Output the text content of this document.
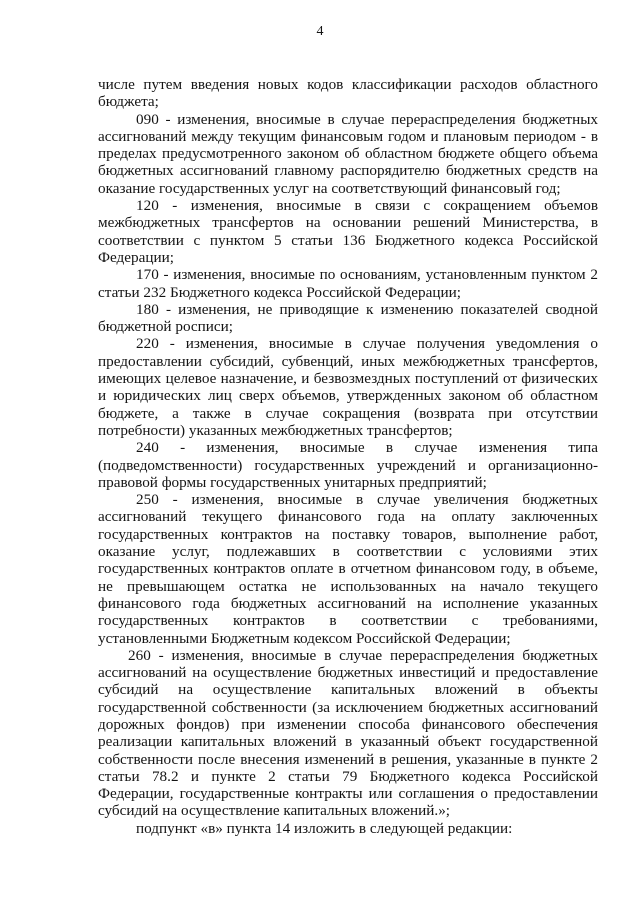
4

числе путем введения новых кодов классификации расходов областного бюджета;

090 - изменения, вносимые в случае перераспределения бюджетных ассигнований между текущим финансовым годом и плановым периодом - в пределах предусмотренного законом об областном бюджете общего объема бюджетных ассигнований главному распорядителю бюджетных средств на оказание государственных услуг на соответствующий финансовый год;

120 - изменения, вносимые в связи с сокращением объемов межбюджетных трансфертов на основании решений Министерства, в соответствии с пунктом 5 статьи 136 Бюджетного кодекса Российской Федерации;

170 - изменения, вносимые по основаниям, установленным пунктом 2 статьи 232 Бюджетного кодекса Российской Федерации;

180 - изменения, не приводящие к изменению показателей сводной бюджетной росписи;

220 - изменения, вносимые в случае получения уведомления о предоставлении субсидий, субвенций, иных межбюджетных трансфертов, имеющих целевое назначение, и безвозмездных поступлений от физических и юридических лиц сверх объемов, утвержденных законом об областном бюджете, а также в случае сокращения (возврата при отсутствии потребности) указанных межбюджетных трансфертов;

240 - изменения, вносимые в случае изменения типа (подведомственности) государственных учреждений и организационно-правовой формы государственных унитарных предприятий;

250 - изменения, вносимые в случае увеличения бюджетных ассигнований текущего финансового года на оплату заключенных государственных контрактов на поставку товаров, выполнение работ, оказание услуг, подлежавших в соответствии с условиями этих государственных контрактов оплате в отчетном финансовом году, в объеме, не превышающем остатка не использованных на начало текущего финансового года бюджетных ассигнований на исполнение указанных государственных контрактов в соответствии с требованиями, установленными Бюджетным кодексом Российской Федерации;

260 - изменения, вносимые в случае перераспределения бюджетных ассигнований на осуществление бюджетных инвестиций и предоставление субсидий на осуществление капитальных вложений в объекты государственной собственности (за исключением бюджетных ассигнований дорожных фондов) при изменении способа финансового обеспечения реализации капитальных вложений в указанный объект государственной собственности после внесения изменений в решения, указанные в пункте 2 статьи 78.2 и пункте 2 статьи 79 Бюджетного кодекса Российской Федерации, государственные контракты или соглашения о предоставлении субсидий на осуществление капитальных вложений.»;

подпункт «в» пункта 14 изложить в следующей редакции:
